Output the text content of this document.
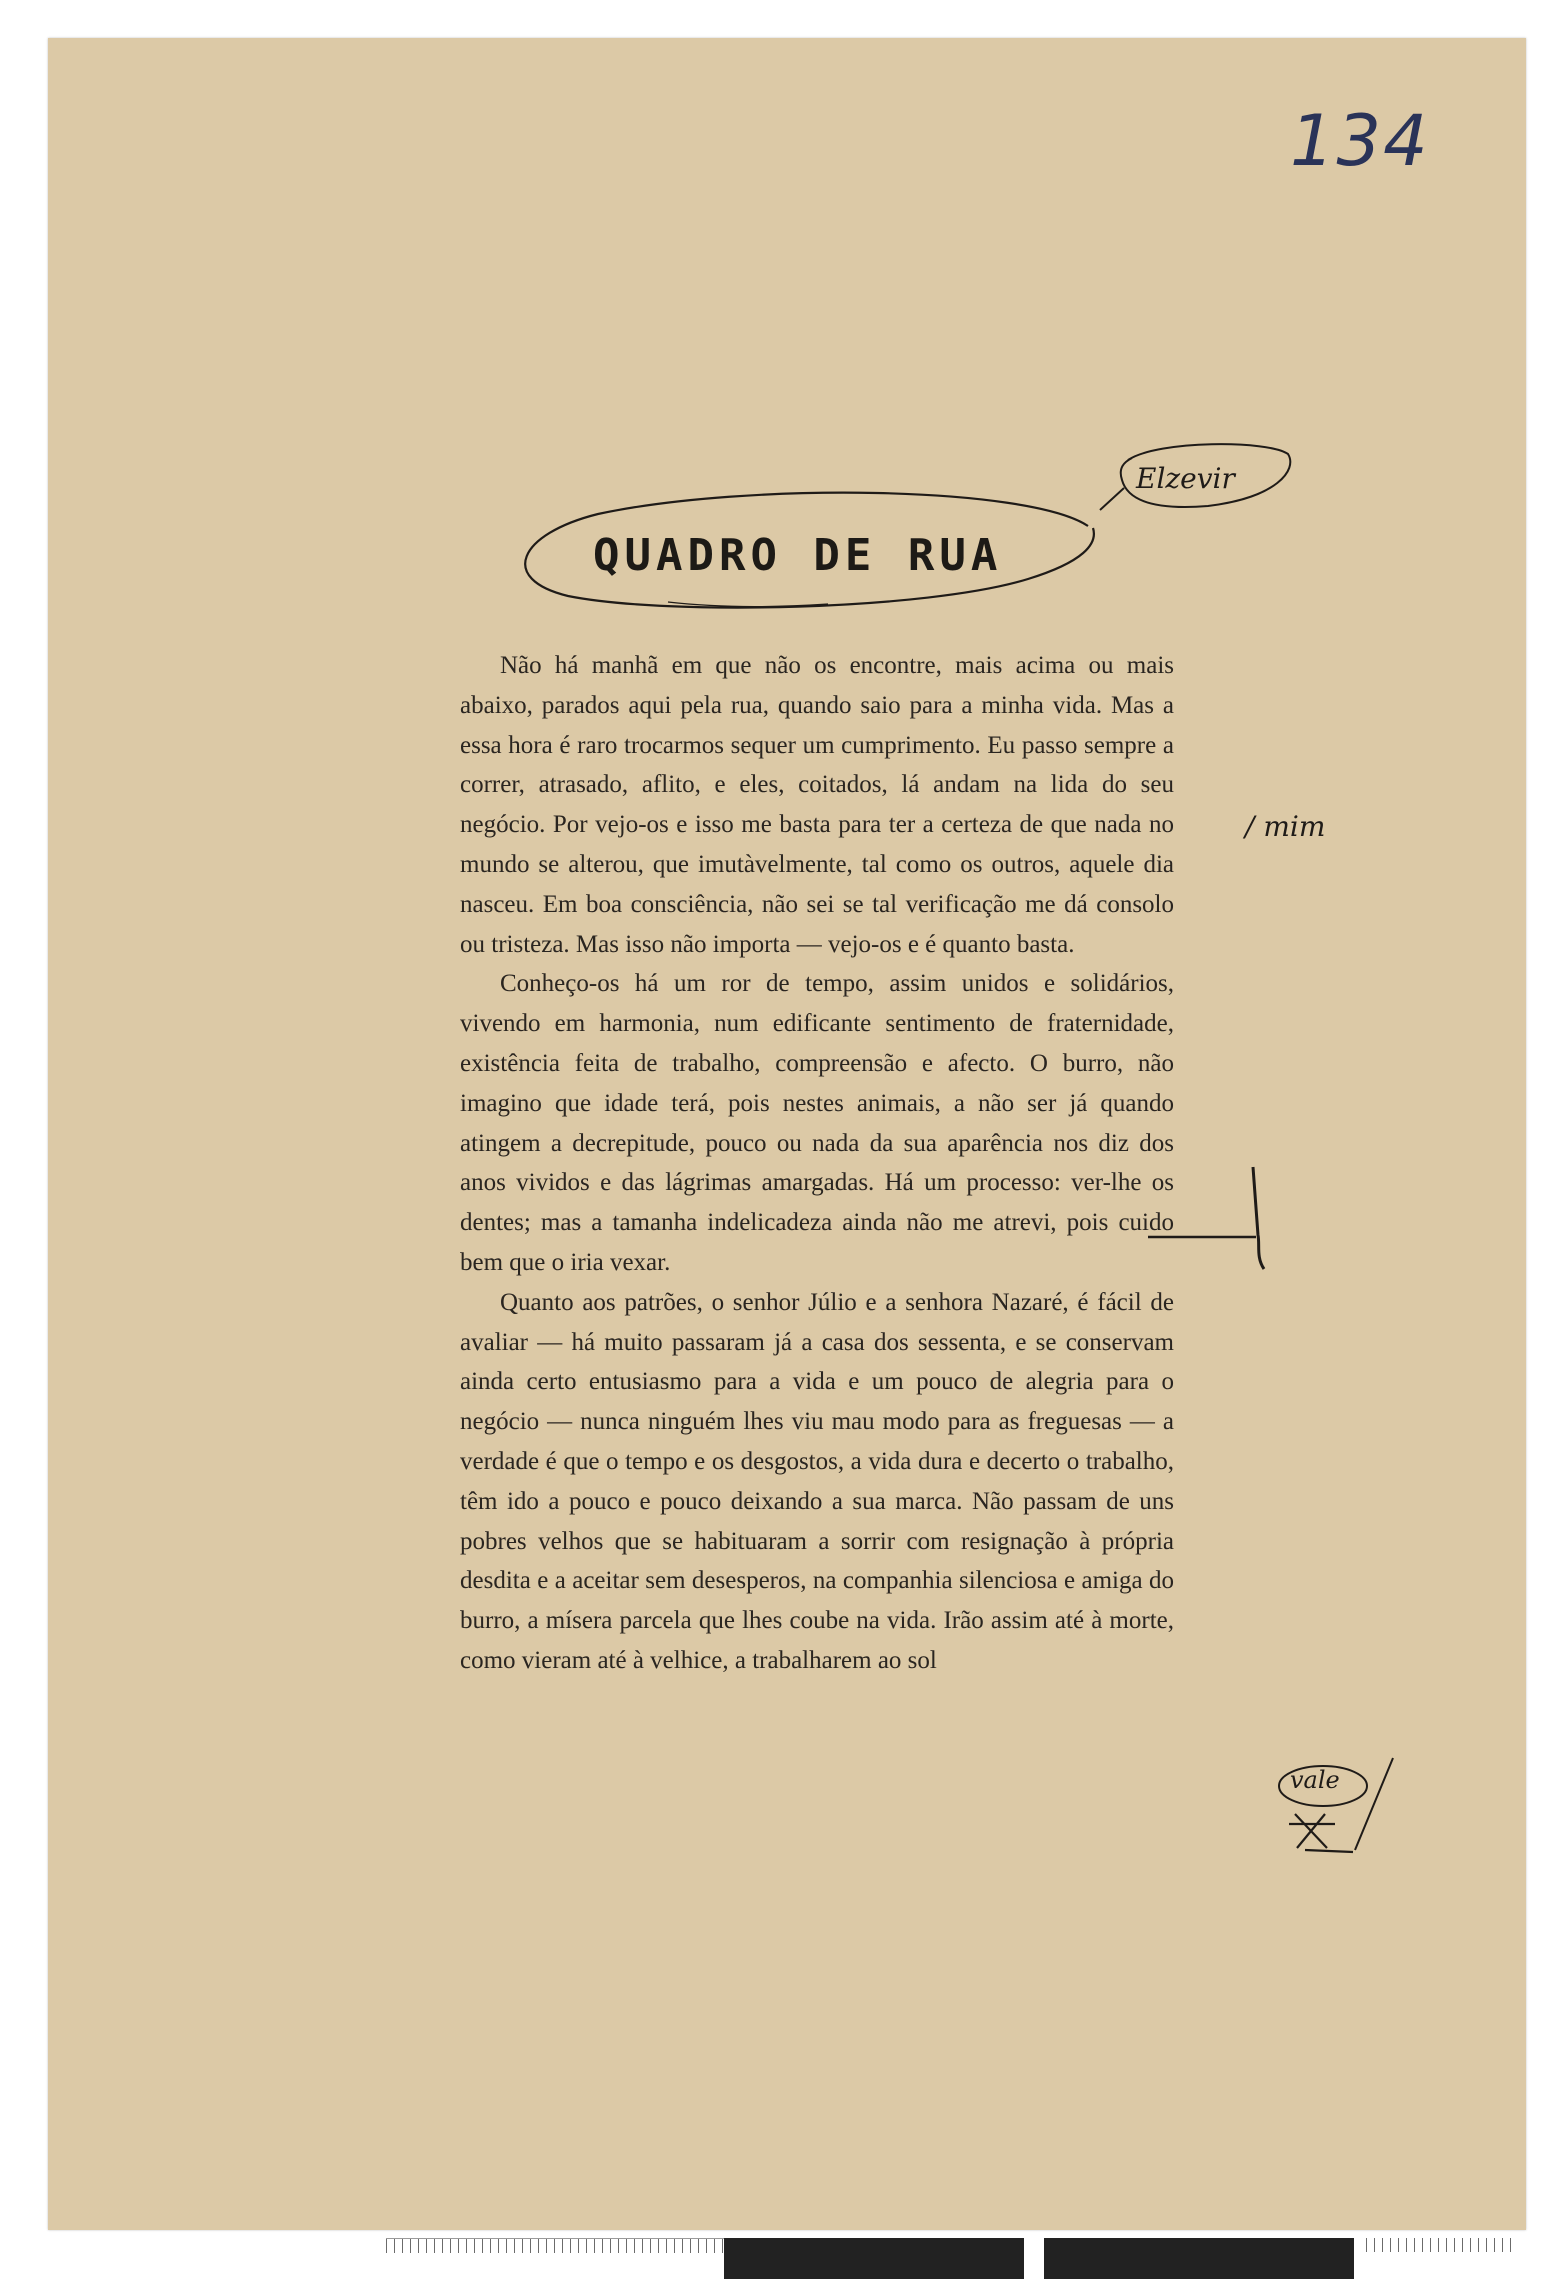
134
QUADRO DE RUA
Elzevir

Não há manhã em que não os encontre, mais acima ou mais abaixo, parados aqui pela rua, quando saio para a minha vida. Mas a essa hora é raro trocarmos sequer um cumprimento. Eu passo sempre a correr, atrasado, aflito, e eles, coitados, lá andam na lida do seu negócio. Por vejo-os e isso me basta para ter a certeza de que nada no mundo se alterou, que imutàvelmente, tal como os outros, aquele dia nasceu. Em boa consciência, não sei se tal verificação me dá consolo ou tristeza. Mas isso não importa — vejo-os e é quanto basta.

Conheço-os há um ror de tempo, assim unidos e solidários, vivendo em harmonia, num edificante sentimento de fraternidade, existência feita de trabalho, compreensão e afecto. O burro, não imagino que idade terá, pois nestes animais, a não ser já quando atingem a decrepitude, pouco ou nada da sua aparência nos diz dos anos vividos e das lágrimas amargadas. Há um processo: ver-lhe os dentes; mas a tamanha indelicadeza ainda não me atrevi, pois cuido bem que o iria vexar.

Quanto aos patrões, o senhor Júlio e a senhora Nazaré, é fácil de avaliar — há muito passaram já a casa dos sessenta, e se conservam ainda certo entusiasmo para a vida e um pouco de alegria para o negócio — nunca ninguém lhes viu mau modo para as freguesas — a verdade é que o tempo e os desgostos, a vida dura e decerto o trabalho, têm ido a pouco e pouco deixando a sua marca. Não passam de uns pobres velhos que se habituaram a sorrir com resignação à própria desdita e a aceitar sem desesperos, na companhia silenciosa e amiga do burro, a mísera parcela que lhes coube na vida. Irão assim até à morte, como vieram até à velhice, a trabalharem ao sol

/ mim
vale
